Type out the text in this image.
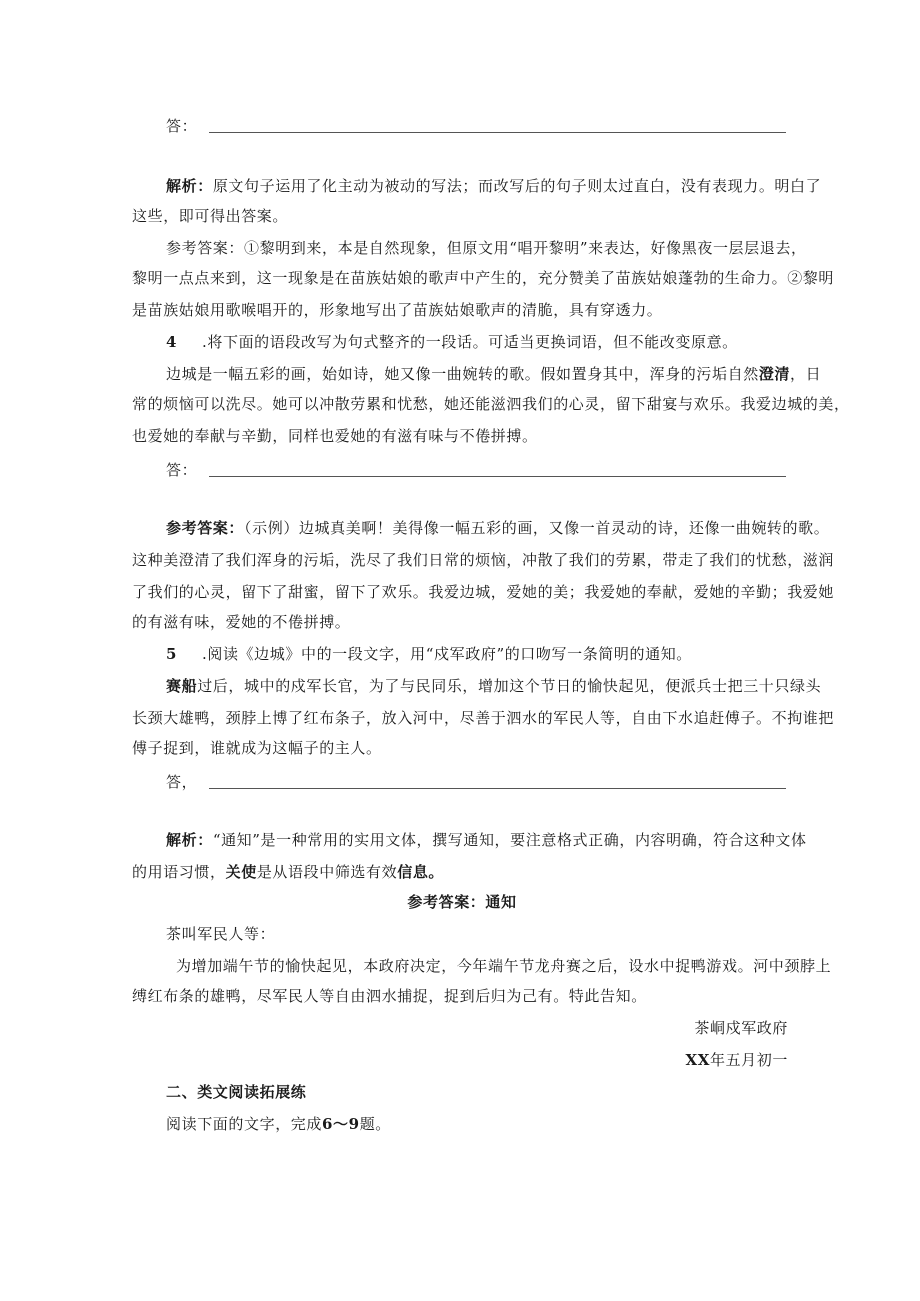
答：
解析：原文句子运用了化主动为被动的写法；而改写后的句子则太过直白，没有表现力。明白了
这些，即可得出答案。
参考答案：①黎明到来，本是自然现象，但原文用“唱开黎明”来表达，好像黑夜一层层退去，
黎明一点点来到，这一现象是在苗族姑娘的歌声中产生的，充分赞美了苗族姑娘蓬勃的生命力。②黎明
是苗族姑娘用歌喉唱开的，形象地写出了苗族姑娘歌声的清脆，具有穿透力。
4 .将下面的语段改写为句式整齐的一段话。可适当更换词语，但不能改变原意。
边城是一幅五彩的画，始如诗，她又像一曲婉转的歌。假如置身其中，浑身的污垢自然澄清，日
常的烦恼可以洗尽。她可以冲散劳累和忧愁，她还能滋泗我们的心灵，留下甜宴与欢乐。我爱边城的美，
也爱她的奉献与辛勤，同样也爱她的有滋有味与不倦拼搏。
答：
参考答案：（示例）边城真美啊！美得像一幅五彩的画，又像一首灵动的诗，还像一曲婉转的歌。
这种美澄清了我们浑身的污垢，洗尽了我们日常的烦恼，冲散了我们的劳累，带走了我们的忧愁，滋润
了我们的心灵，留下了甜蜜，留下了欢乐。我爱边城，爱她的美；我爱她的奉献，爱她的辛勤；我爱她
的有滋有味，爱她的不倦拼搏。
5 .阅读《边城》中的一段文字，用“戍军政府”的口吻写一条简明的通知。
赛船过后，城中的戍军长官，为了与民同乐，增加这个节日的愉快起见，便派兵士把三十只绿头
长颈大雄鸭，颈脖上博了红布条子，放入河中，尽善于泗水的军民人等，自由下水追赶傅子。不拘谁把
傅子捉到，谁就成为这幅子的主人。
答，
解析：“通知”是一种常用的实用文体，撰写通知，要注意格式正确，内容明确，符合这种文体
的用语习惯，关使是从语段中筛选有效信息。
参考答案：通知
茶叫军民人等：
为增加端午节的愉快起见，本政府决定，今年端午节龙舟赛之后，设水中捉鸭游戏。河中颈脖上
缚红布条的雄鸭，尽军民人等自由泗水捕捉，捉到后归为己有。特此告知。
茶峒戍军政府
XX年五月初一
二、类文阅读拓展练
阅读下面的文字，完成6〜9题。
